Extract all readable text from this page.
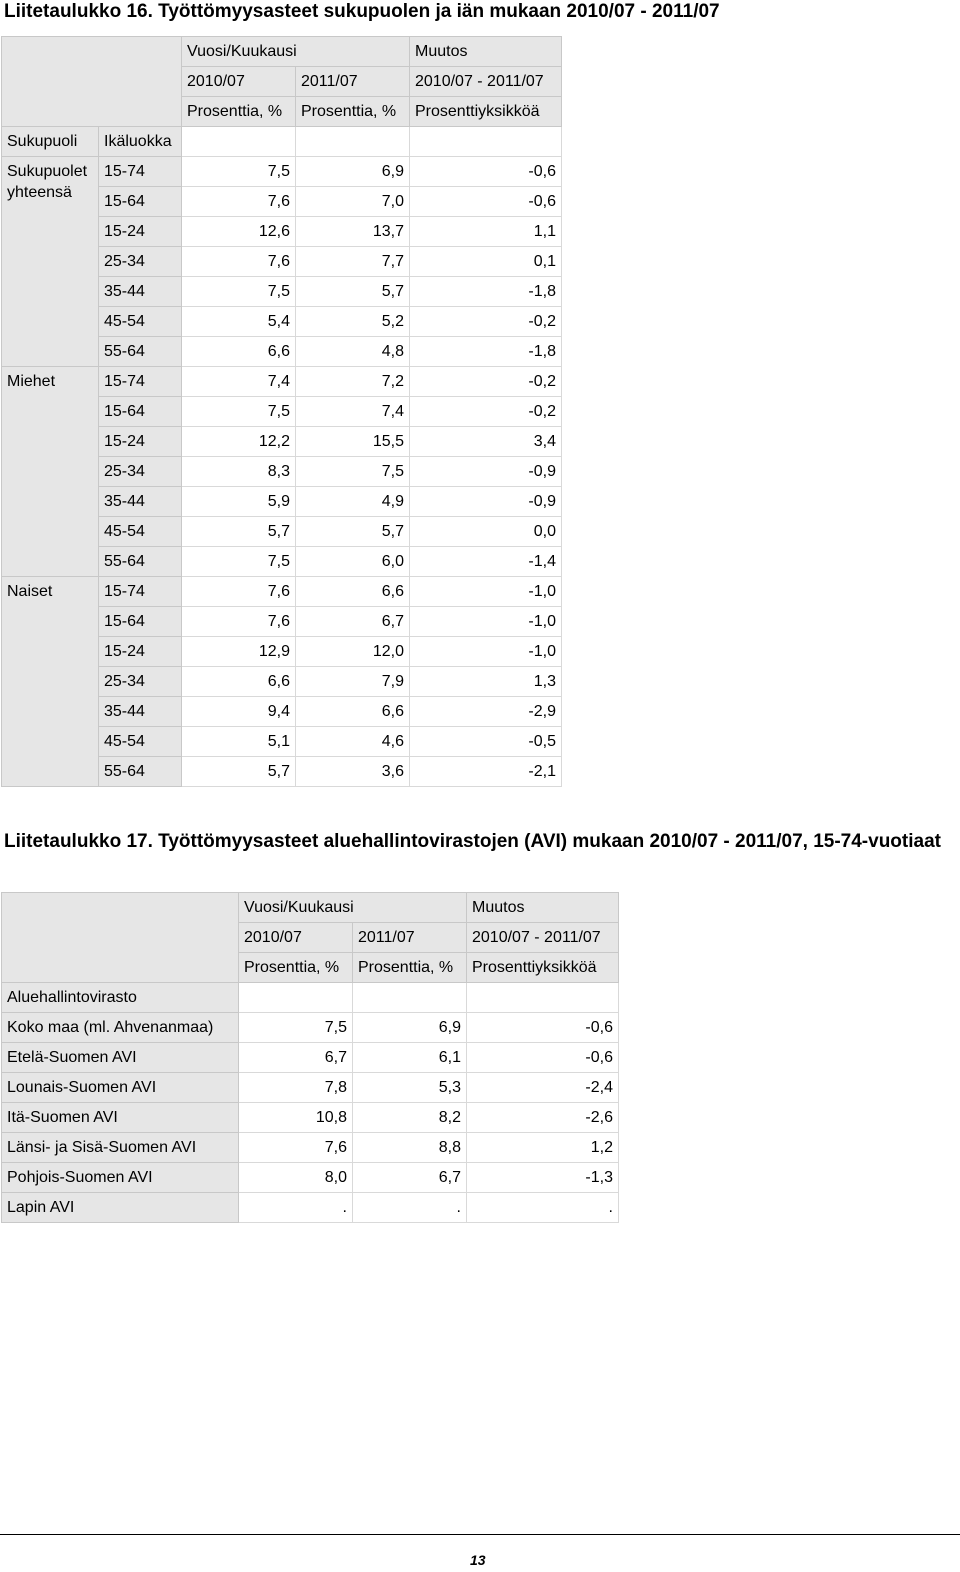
Liitetaulukko 16. Työttömyysasteet sukupuolen ja iän mukaan 2010/07 - 2011/07
		Vuosi/Kuukausi		Muutos
		2010/07	2011/07	2010/07 - 2011/07
		Prosenttia, %	Prosenttia, %	Prosenttiyksikköä
Sukupuoli	Ikäluokka			
Sukupuolet yhteensä	15-74	7,5	6,9	-0,6
	15-64	7,6	7,0	-0,6
	15-24	12,6	13,7	1,1
	25-34	7,6	7,7	0,1
	35-44	7,5	5,7	-1,8
	45-54	5,4	5,2	-0,2
	55-64	6,6	4,8	-1,8
Miehet	15-74	7,4	7,2	-0,2
	15-64	7,5	7,4	-0,2
	15-24	12,2	15,5	3,4
	25-34	8,3	7,5	-0,9
	35-44	5,9	4,9	-0,9
	45-54	5,7	5,7	0,0
	55-64	7,5	6,0	-1,4
Naiset	15-74	7,6	6,6	-1,0
	15-64	7,6	6,7	-1,0
	15-24	12,9	12,0	-1,0
	25-34	6,6	7,9	1,3
	35-44	9,4	6,6	-2,9
	45-54	5,1	4,6	-0,5
	55-64	5,7	3,6	-2,1
Liitetaulukko 17. Työttömyysasteet aluehallintovirastojen (AVI) mukaan 2010/07 - 2011/07, 15-74-vuotiaat
	Vuosi/Kuukausi		Muutos
	2010/07	2011/07	2010/07 - 2011/07
	Prosenttia, %	Prosenttia, %	Prosenttiyksikköä
Aluehallintovirasto			
Koko maa (ml. Ahvenanmaa)	7,5	6,9	-0,6
Etelä-Suomen AVI	6,7	6,1	-0,6
Lounais-Suomen AVI	7,8	5,3	-2,4
Itä-Suomen AVI	10,8	8,2	-2,6
Länsi- ja Sisä-Suomen AVI	7,6	8,8	1,2
Pohjois-Suomen AVI	8,0	6,7	-1,3
Lapin AVI	.	.	.
13
